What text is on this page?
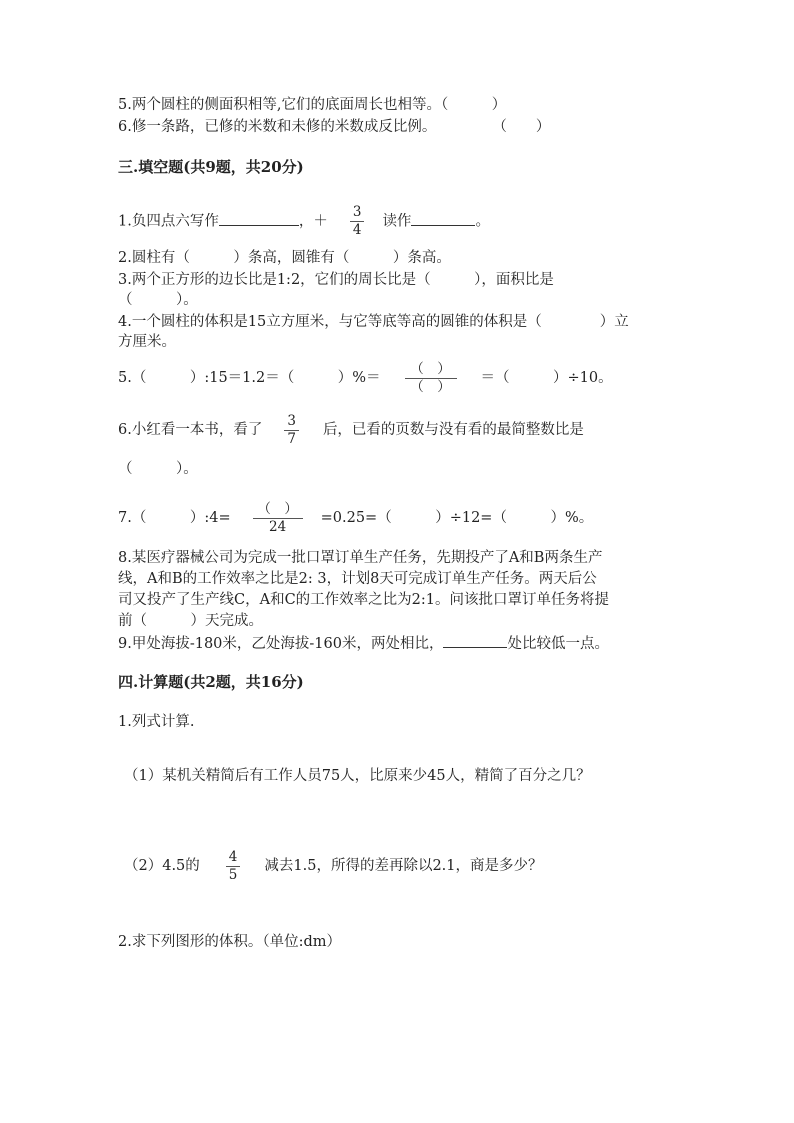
5.两个圆柱的侧面积相等,它们的底面周长也相等。（　　　）
6.修一条路，已修的米数和未修的米数成反比例。	（　　）
三.填空题(共9题，共20分)
1.负四点六写作	，＋ $\frac{3}{4}$ 读作	。
2.圆柱有（　　　）条高，圆锥有（　　　）条高。
3.两个正方形的边长比是1:2，它们的周长比是（　　　），面积比是
（　　　）。
4.一个圆柱的体积是15立方厘米，与它等底等高的圆锥的体积是（　　　　）立
方厘米。
5.（　　　）:15＝1.2＝（　　　）%＝ $\frac{( )}{( )}$ ＝（　　　）÷10。
6.小红看一本书，看了 $\frac{3}{7}$ 后，已看的页数与没有看的最简整数比是
（　　　）。
7.（　　　）:4= $\frac{( )}{24} =0.25=$（　　　）÷12=（　　　）%。
8.某医疗器械公司为完成一批口罩订单生产任务，先期投产了A和B两条生产
线，A和B的工作效率之比是2: 3，计划8天可完成订单生产任务。两天后公
司又投产了生产线C，A和C的工作效率之比为2:1。问该批口罩订单任务将提
前（　　　）天完成。
9.甲处海拔-180米，乙处海拔-160米，两处相比，	处比较低一点。
四.计算题(共2题，共16分)
1.列式计算.
（1）某机关精简后有工作人员75人，比原来少45人，精简了百分之几？
（2）4.5的 $\frac{4}{5}$ 减去1.5，所得的差再除以2.1，商是多少？
2.求下列图形的体积。（单位:dm）
